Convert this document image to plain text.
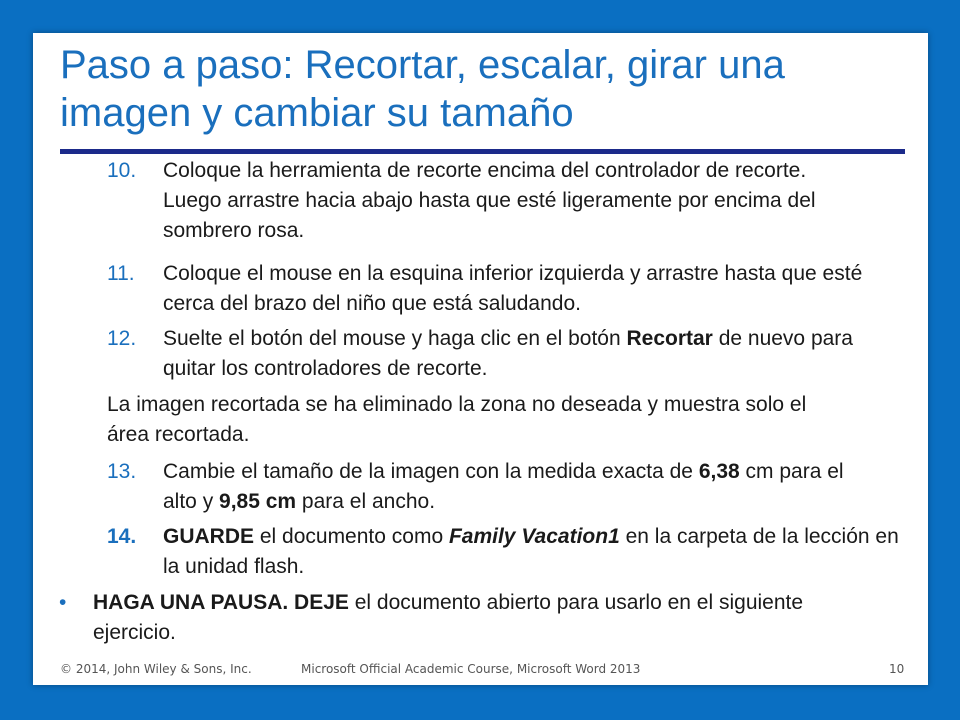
Paso a paso: Recortar, escalar, girar una imagen y cambiar su tamaño
10.	Coloque la herramienta de recorte encima del controlador de recorte. Luego arrastre hacia abajo hasta que esté ligeramente por encima del sombrero rosa.
11.	Coloque el mouse en la esquina inferior izquierda y arrastre hasta que esté cerca del brazo del niño que está saludando.
12.	Suelte el botón del mouse y haga clic en el botón Recortar de nuevo para quitar los controladores de recorte.
La imagen recortada se ha eliminado la zona no deseada y muestra solo el área recortada.
13.	Cambie el tamaño de la imagen con la medida exacta de 6,38 cm para el alto y 9,85 cm para el ancho.
14.	GUARDE el documento como Family Vacation1 en la carpeta de la lección en la unidad flash.
• HAGA UNA PAUSA. DEJE el documento abierto para usarlo en el siguiente ejercicio.
© 2014, John Wiley & Sons, Inc.	Microsoft Official Academic Course, Microsoft Word 2013	10
